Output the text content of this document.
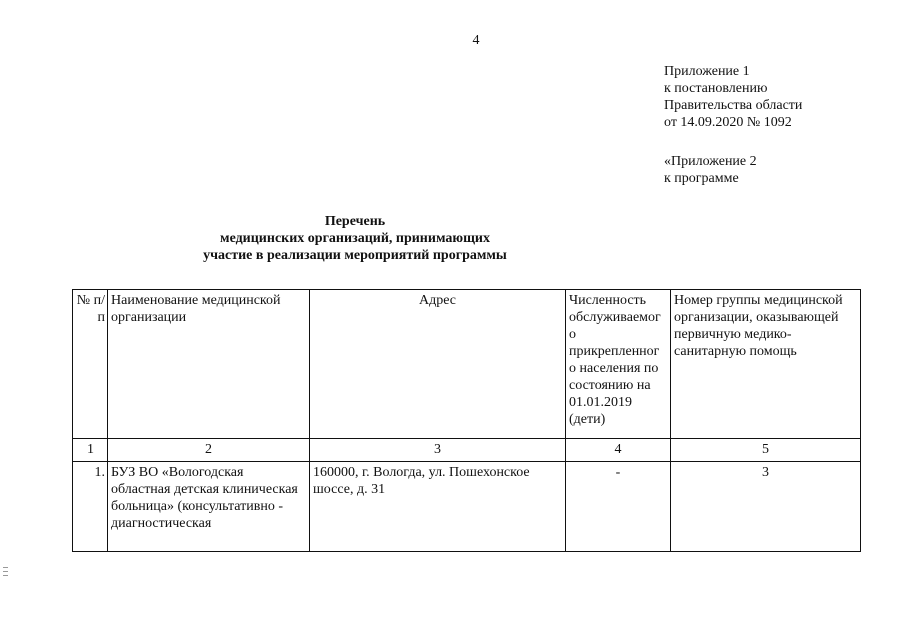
4
Приложение 1
к постановлению
Правительства области
от 14.09.2020 № 1092
«Приложение 2
к программе
Перечень
медицинских организаций, принимающих
участие в реализации мероприятий программы
№ п/п	Наименование медицинской организации	Адрес	Численность обслуживаемог о прикрепленног о населения по состоянию на 01.01.2019 (дети)	Номер группы медицинской организации, оказывающей первичную медико-санитарную помощь
1	2	3	4	5
1.	БУЗ ВО «Вологодская областная детская клиническая больница» (консультативно - диагностическая	160000, г. Вологда, ул. Пошехонское шоссе, д. 31	-	3
